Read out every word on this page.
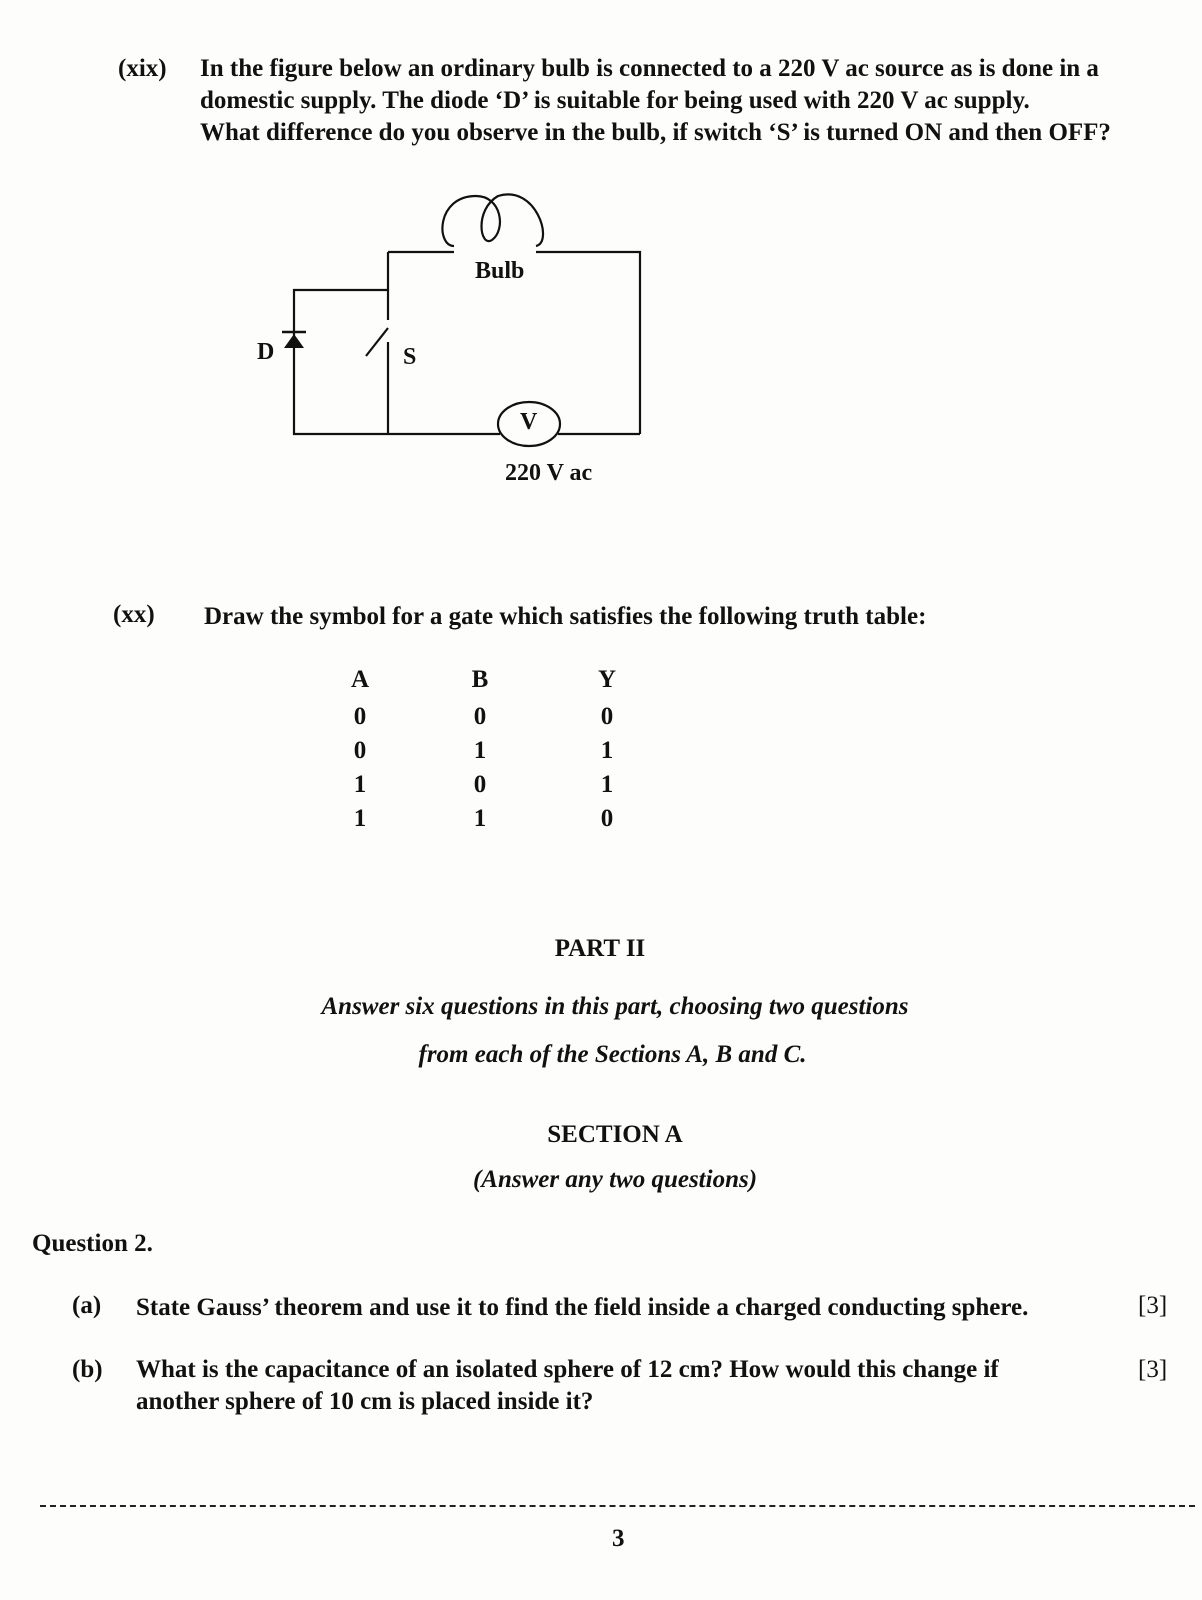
(xix) In the figure below an ordinary bulb is connected to a 220 V ac source as is done in a
domestic supply. The diode ‘D’ is suitable for being used with 220 V ac supply.
What difference do you observe in the bulb, if switch ‘S’ is turned ON and then OFF?
Bulb
D	S
V
220 V ac
(xx) Draw the symbol for a gate which satisfies the following truth table:
A
0
0
1
1
B
0
1
0
1
Y
0
1
1
0
PART II
Answer six questions in this part, choosing two questions
from each of the Sections A, B and C.
SECTION A
(Answer any two questions)
Question 2.
(a) State Gauss’ theorem and use it to find the field inside a charged conducting sphere.	[3]
(b) What is the capacitance of an isolated sphere of 12 cm? How would this change if
another sphere of 10 cm is placed inside it?
[3]
3
